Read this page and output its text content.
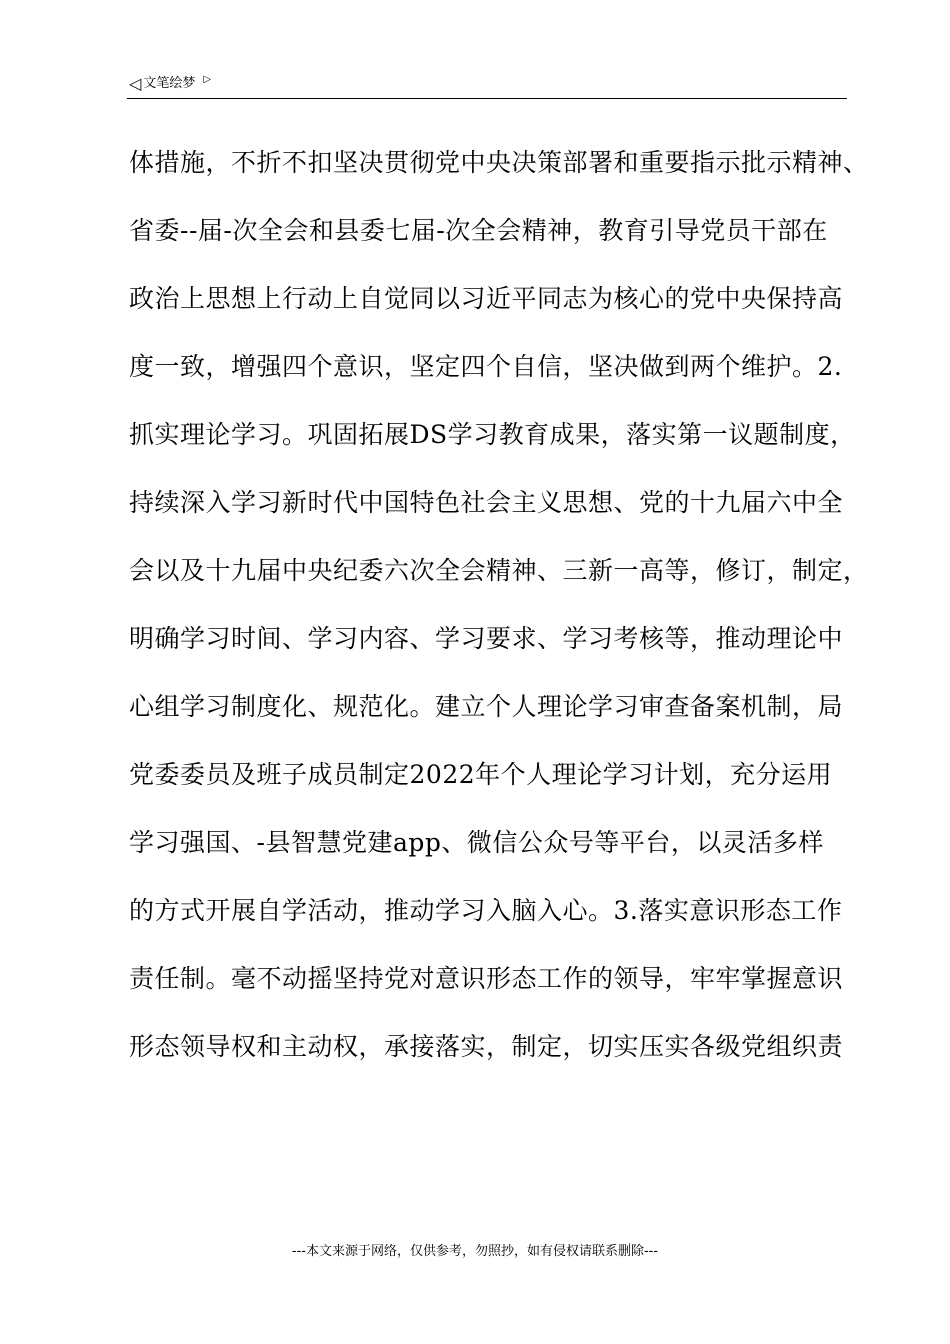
◁ 文笔绘梦 ▷
体措施，不折不扣坚决贯彻党中央决策部署和重要指示批示精神、
省委--届-次全会和县委七届-次全会精神，教育引导党员干部在
政治上思想上行动上自觉同以习近平同志为核心的党中央保持高
度一致，增强四个意识，坚定四个自信，坚决做到两个维护。2.
抓实理论学习。巩固拓展DS学习教育成果，落实第一议题制度，
持续深入学习新时代中国特色社会主义思想、党的十九届六中全
会以及十九届中央纪委六次全会精神、三新一高等，修订，制定，
明确学习时间、学习内容、学习要求、学习考核等，推动理论中
心组学习制度化、规范化。建立个人理论学习审查备案机制，局
党委委员及班子成员制定2022年个人理论学习计划，充分运用
学习强国、-县智慧党建app、微信公众号等平台，以灵活多样
的方式开展自学活动，推动学习入脑入心。3.落实意识形态工作
责任制。毫不动摇坚持党对意识形态工作的领导，牢牢掌握意识
形态领导权和主动权，承接落实，制定，切实压实各级党组织责
---本文来源于网络，仅供参考，勿照抄，如有侵权请联系删除---
